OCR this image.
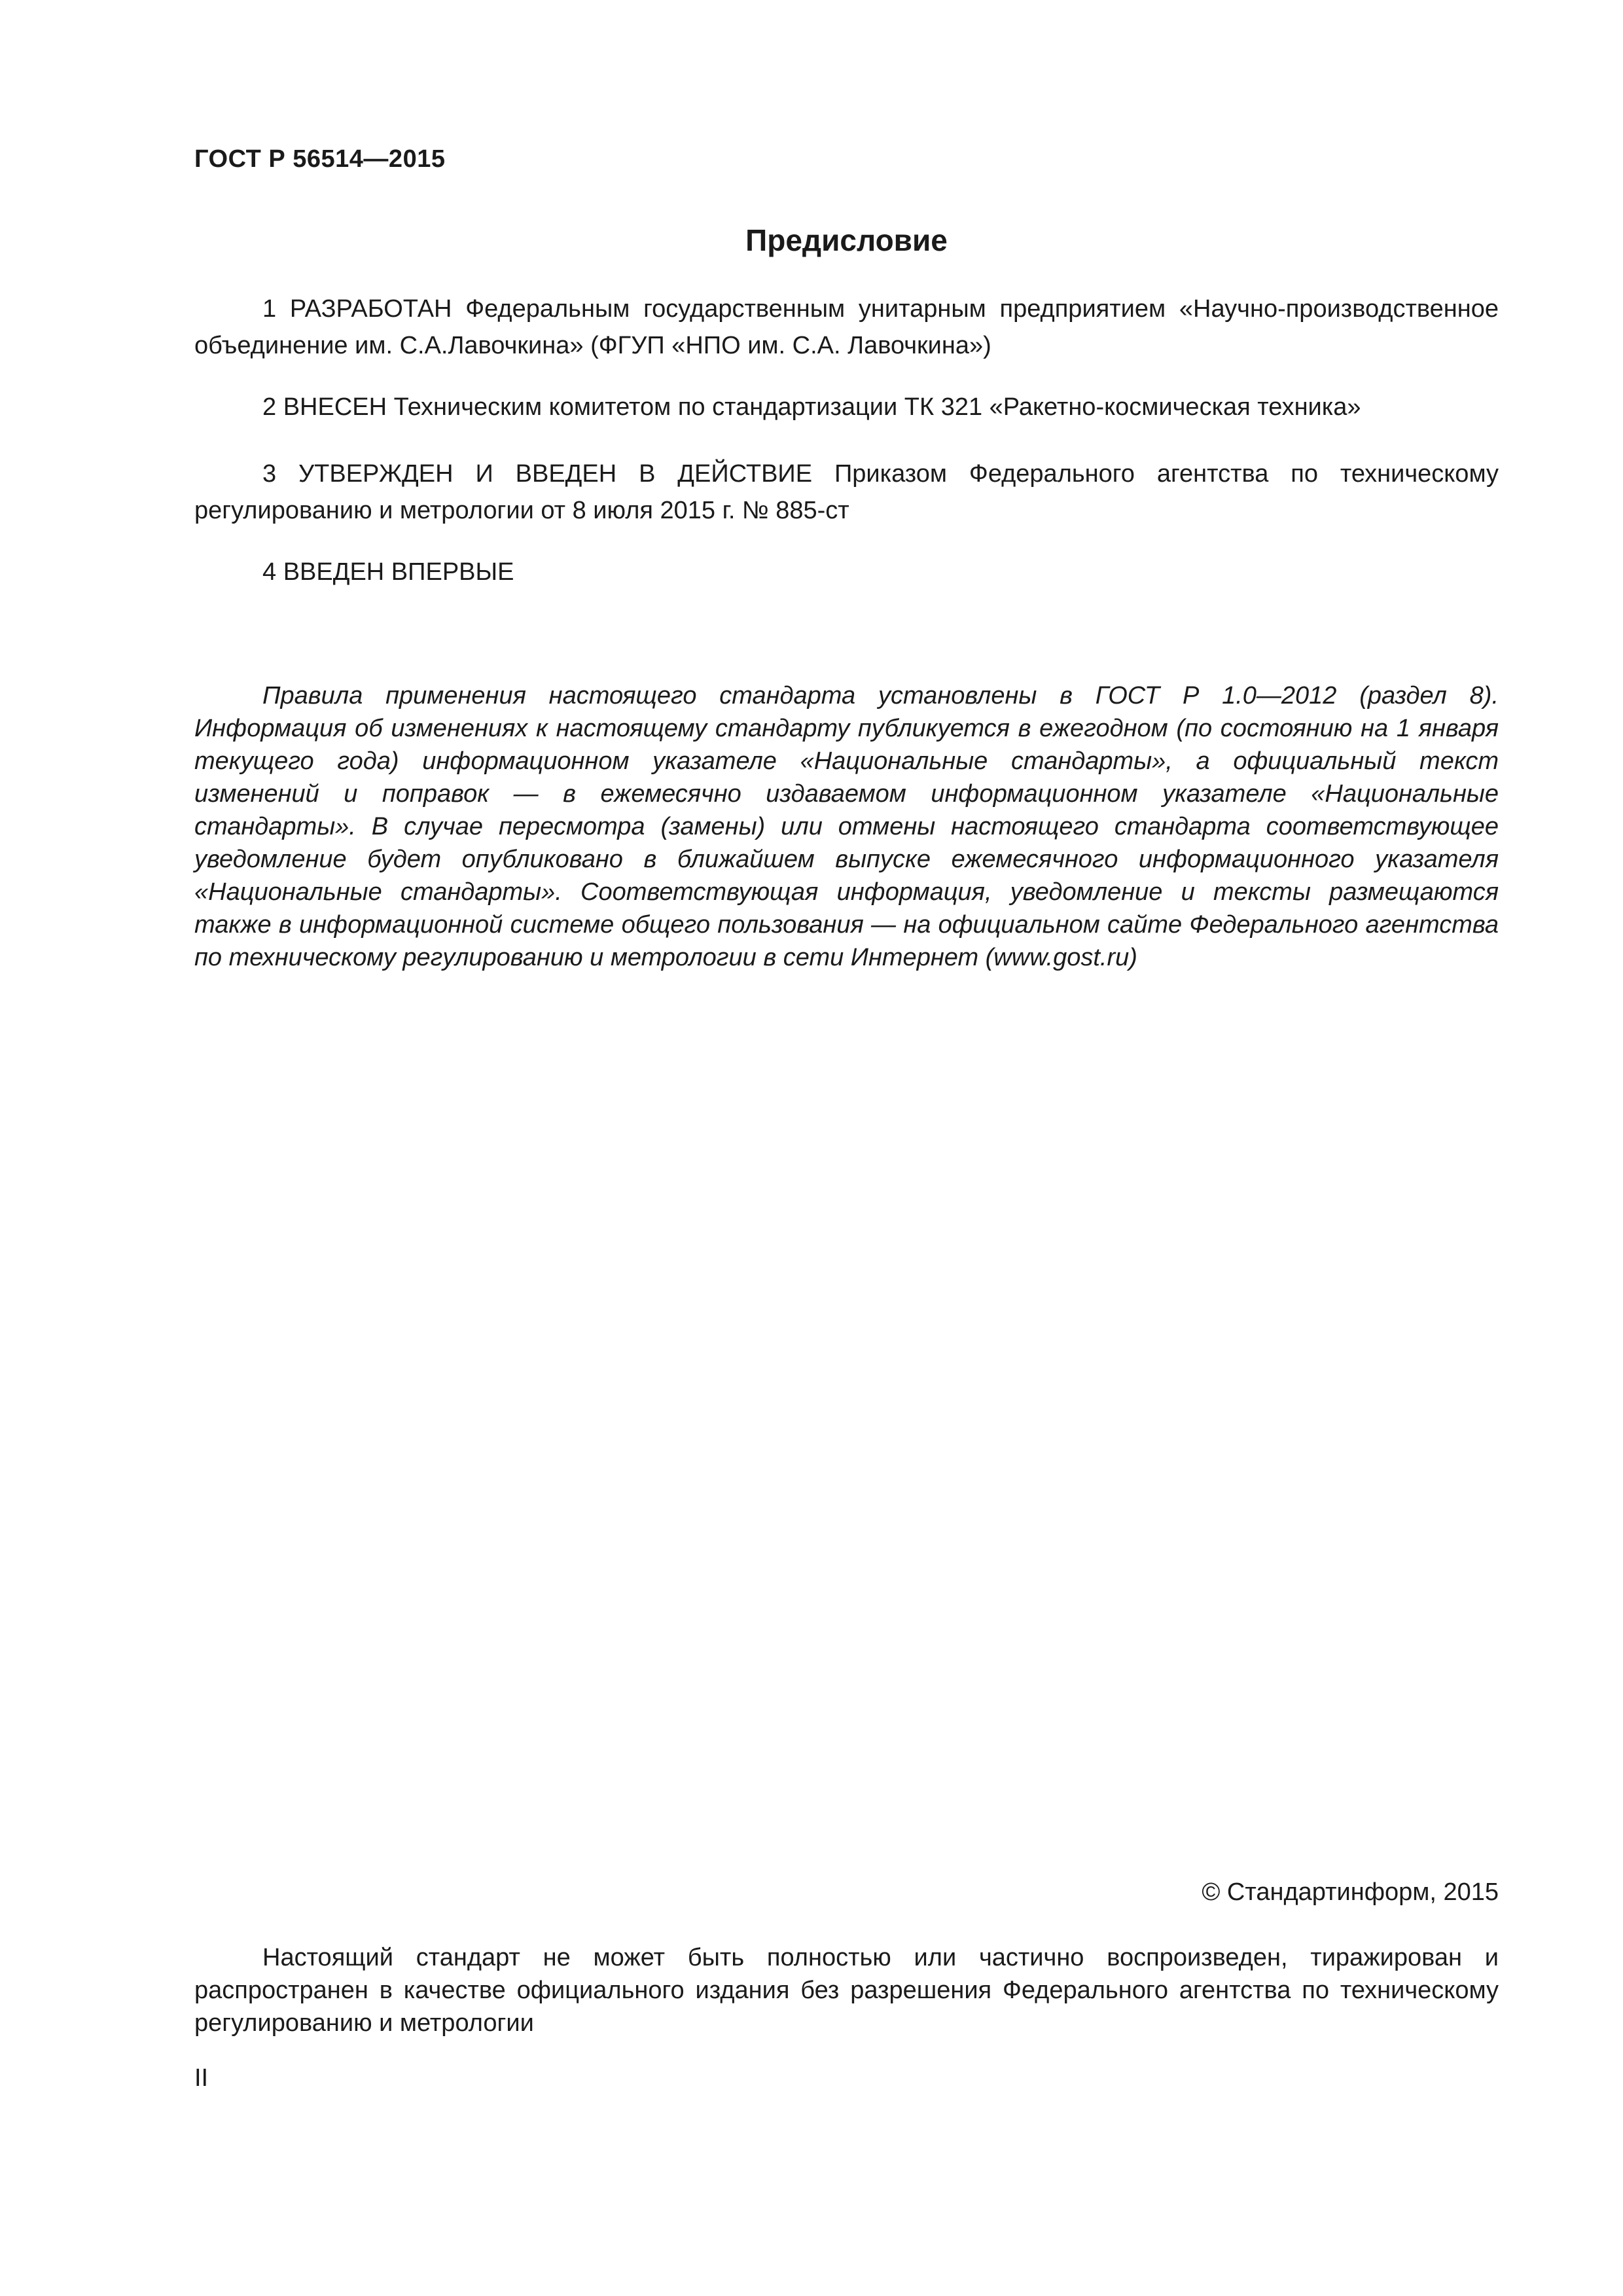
ГОСТ Р 56514—2015
Предисловие

1 РАЗРАБОТАН Федеральным государственным унитарным предприятием «Научно-производственное объединение им. С.А.Лавочкина» (ФГУП «НПО им. С.А. Лавочкина»)

2 ВНЕСЕН Техническим комитетом по стандартизации ТК 321 «Ракетно-космическая техника»

3 УТВЕРЖДЕН И ВВЕДЕН В ДЕЙСТВИЕ Приказом Федерального агентства по техническому регулированию и метрологии от 8 июля 2015 г. № 885-ст

4 ВВЕДЕН ВПЕРВЫЕ

Правила применения настоящего стандарта установлены в ГОСТ Р 1.0—2012 (раздел 8). Информация об изменениях к настоящему стандарту публикуется в ежегодном (по состоянию на 1 января текущего года) информационном указателе «Национальные стандарты», а официальный текст изменений и поправок — в ежемесячно издаваемом информационном указателе «Национальные стандарты». В случае пересмотра (замены) или отмены настоящего стандарта соответствующее уведомление будет опубликовано в ближайшем выпуске ежемесячного информационного указателя «Национальные стандарты». Соответствующая информация, уведомление и тексты размещаются также в информационной системе общего пользования — на официальном сайте Федерального агентства по техническому регулированию и метрологии в сети Интернет (www.gost.ru)

© Стандартинформ, 2015

Настоящий стандарт не может быть полностью или частично воспроизведен, тиражирован и распространен в качестве официального издания без разрешения Федерального агентства по техническому регулированию и метрологии

II
